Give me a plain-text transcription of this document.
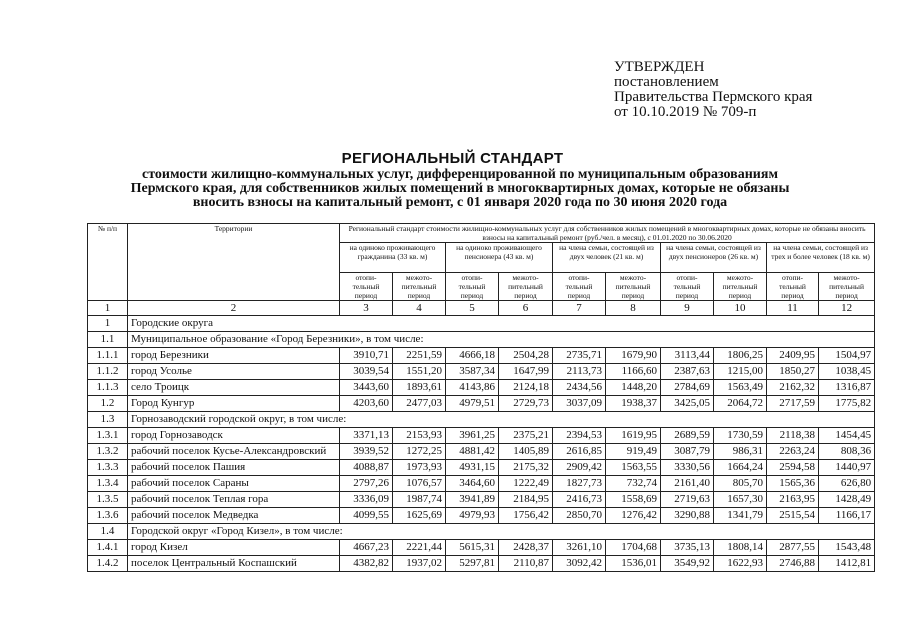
УТВЕРЖДЕН
постановлением
Правительства Пермского края
от 10.10.2019 № 709-п
РЕГИОНАЛЬНЫЙ СТАНДАРТ
стоимости жилищно-коммунальных услуг, дифференцированной по муниципальным образованиям
Пермского края, для собственников жилых помещений в многоквартирных домах, которые не обязаны
вносить взносы на капитальный ремонт, с 01 января 2020 года по 30 июня 2020 года
№ п/п	Территории	Региональный стандарт стоимости жилищно-коммунальных услуг для собственников жилых помещений в многоквартирных домах, которые не обязаны вносить взносы на капитальный ремонт (руб./чел. в месяц), с 01.01.2020 по 30.06.2020									
		на одиноко проживающего гражданина (33 кв. м)		на одиноко проживающего пенсионера (43 кв. м)		на члена семьи, состоящей из двух человек (21 кв. м)		на члена семьи, состоящей из двух пенсионеров (26 кв. м)		на члена семьи, состоящей из трех и более человек (18 кв. м)	
		отопи-тельный период	межото-пительный период	отопи-тельный период	межото-пительный период	отопи-тельный период	межото-пительный период	отопи-тельный период	межото-пительный период	отопи-тельный период	межото-пительный период
1	2	3	4	5	6	7	8	9	10	11	12
1	Городские округа										
1.1	Муниципальное образование «Город Березники», в том числе:										
1.1.1	город Березники	3910,71	2251,59	4666,18	2504,28	2735,71	1679,90	3113,44	1806,25	2409,95	1504,97
1.1.2	город Усолье	3039,54	1551,20	3587,34	1647,99	2113,73	1166,60	2387,63	1215,00	1850,27	1038,45
1.1.3	село Троицк	3443,60	1893,61	4143,86	2124,18	2434,56	1448,20	2784,69	1563,49	2162,32	1316,87
1.2	Город Кунгур	4203,60	2477,03	4979,51	2729,73	3037,09	1938,37	3425,05	2064,72	2717,59	1775,82
1.3	Горнозаводский городской округ, в том числе:										
1.3.1	город Горнозаводск	3371,13	2153,93	3961,25	2375,21	2394,53	1619,95	2689,59	1730,59	2118,38	1454,45
1.3.2	рабочий поселок Кусье-Александровский	3939,52	1272,25	4881,42	1405,89	2616,85	919,49	3087,79	986,31	2263,24	808,36
1.3.3	рабочий поселок Пашия	4088,87	1973,93	4931,15	2175,32	2909,42	1563,55	3330,56	1664,24	2594,58	1440,97
1.3.4	рабочий поселок Сараны	2797,26	1076,57	3464,60	1222,49	1827,73	732,74	2161,40	805,70	1565,36	626,80
1.3.5	рабочий поселок Теплая гора	3336,09	1987,74	3941,89	2184,95	2416,73	1558,69	2719,63	1657,30	2163,95	1428,49
1.3.6	рабочий поселок Медведка	4099,55	1625,69	4979,93	1756,42	2850,70	1276,42	3290,88	1341,79	2515,54	1166,17
1.4	Городской округ «Город Кизел», в том числе:										
1.4.1	город Кизел	4667,23	2221,44	5615,31	2428,37	3261,10	1704,68	3735,13	1808,14	2877,55	1543,48
1.4.2	поселок Центральный Коспашский	4382,82	1937,02	5297,81	2110,87	3092,42	1536,01	3549,92	1622,93	2746,88	1412,81
